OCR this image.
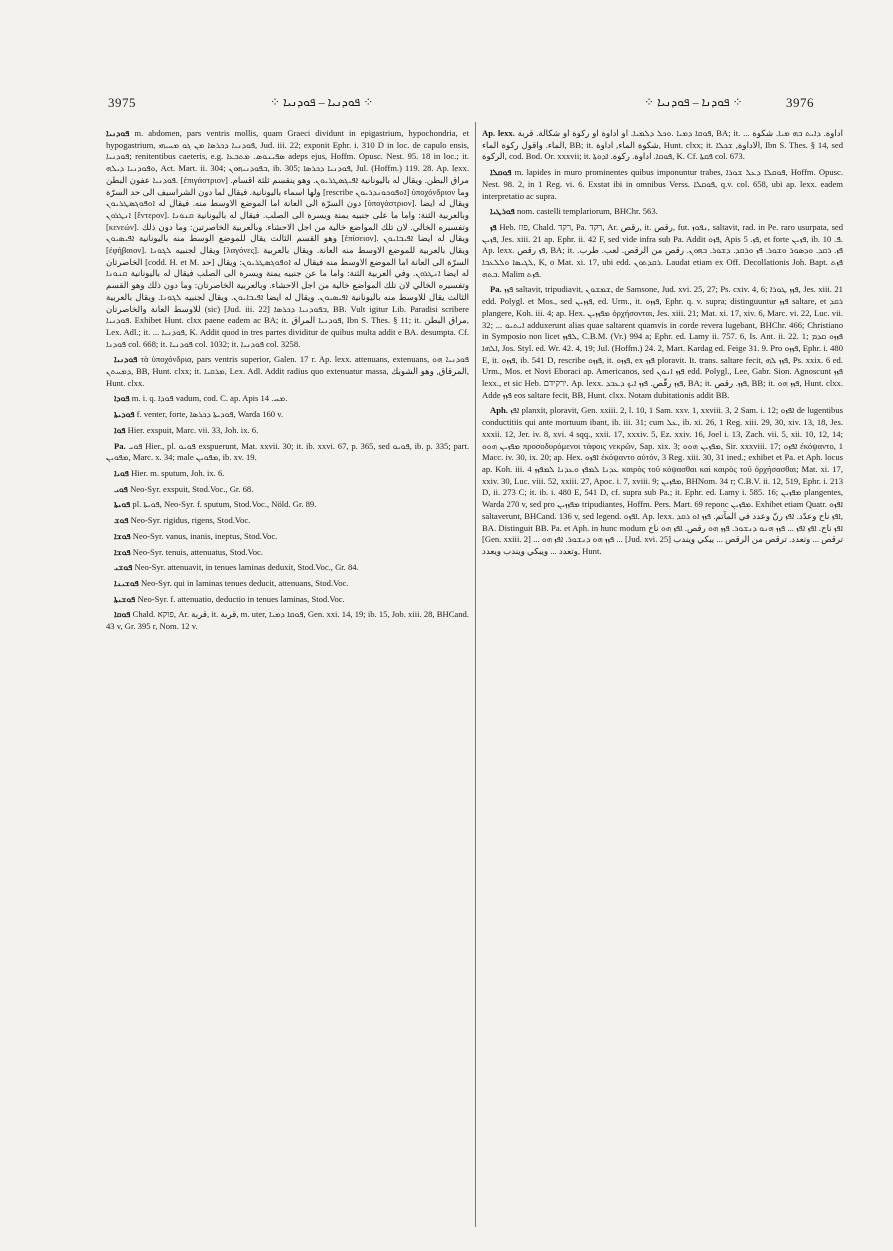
3975	⁘ ܦܘܕܢܝܐ – ܦܘܕܢܝܐ ⁘	⁘ ܦܘܕܢܐ – ܦܘܕܢܝܐ ⁘	3976

ܦܘܕܢܝܐ m. abdomen, pars ventris mollis, quam Graeci dividunt in epigastrium, hypochondria, et hypogastrium, ܦܘܕܢܝܐ ܕܟܪܣܐ ܡܢ ܓܘ ܡܚܝܗܝ, Jud. iii. 22; exponit Ephr. i. 310 D in loc. de capulo ensis, ܦܘܕܢܝܐ; renitentibus caeteris, e.g. ܣܦܝܢܘܣ. ܡܬܒܥܐ adeps ejus, Hoffm. Opusc. Nest. 95. 18 in loc.; it. ܘܦܘܕܢܝܐ ܕܝܠܗ, Act. Mart. ii. 304; ܒܦܘܕܢܝܗܘܢ, ib. 305; ܦܘܕܢܝܐ ܕܟܪܣܐ, Jul. (Hoffm.) 119. 28. Ap. lexx. ܦܘܕܢܝܐ عفون البطن. [ἐπιγάστριον] مراق البطن. ويقال له باليونانية ܐܦܝܓܣܛܪܝܘܢ. وهو ينقسم ثلثة اقسام. ولها اسماء باليونانية. فيقال لما دون الشراسيف الى حد السرّة [rescribe ܐܘܦܘܟܘܢܕܪܝܘܢ] ὑποχόνδριον وما دون السرّة الى العانة اما الموضع الاوسط منه. فيقال له ܐܘܦܘܓܣܛܪܝܘܢ [ὑπογάστριον]. ويقال له ايضا ܐܢܛܪܘܢ [ἔντερον]. وبالعربية الثنة: واما ما على جنبيه يمنة ويسرة الى الصلب. فيقال له باليونانية ܩܢܘܢܐ [κενεών]. وتفسيره الخالي. لان تلك المواضع خالية من اجل الاحشاء. وبالعربية الخاصرتين: وما دون ذلك وهو القسم الثالث يقال للموضع الوسط منه باليونانية ܐܦܝܣܝܘܢ [ἐπίσειον]. ويقال له ايضا ܐܦܝܒܐܝܘܢ [ἐφήβαιον]. ويقال لجنبيه ܠܓܘܢܐ [λαγόνες]. ويقال بالعربية للموضع الاوسط منه العانة. ويقال بالعربية الخاصرتان [codd. H. et M. حد] السرّة الى العانة اما الموضع الاوسط منه فيقال له ܐܘܦܘܓܣܛܪܝܘܢ: ويقال له ايضا ܐܢܛܪܘܢ. وفي العربية الثنة: واما ما عن جنبيه يمنة ويسرة الى الصلب فيقال له باليونانية ܩܢܘܢܐ وتفسيره الخالي لان تلك المواضع خالية من اجل الاحشاء. وبالعربية الخاصرتان: وما دون ذلك وهو القسم الثالث يقال للاوسط منه باليونانية ܐܦܝܣܝܘܢ. ويقال له ايضا ܐܦܝܒܐܝܘܢ. ويقال لجنبيه ܠܓܘܢܐ. ويقال بالعربية للاوسط العانة والخاصرتان (sic) [Jud. iii. 22] ܒܦܘܕܢܝܐ ܕܟܪܣܐ, BB. Vult igitur Lib. Paradisi scribere ܦܘܕܢܝܐ. Exhibet Hunt. clxx paene eadem ac BA; it. ܦܘܕܢܝܐ المراق, Ibn S. Thes. § 11; it. مراق البطن, Lex. Adl.; it. ... ܦܘܕܢܝܐ, K. Addit quod in tres partes dividitur de quibus multa addit e BA. desumpta. Cf. ܦܘܕܢܐ col. 668; it. ܦܘܕܢܝܐ col. 1032; it. ܦܘܕܢܝܐ col. 3258.

ܦܘܕܢܝܐ τὰ ὑποχόνδρια, pars ventris superior, Galen. 17 r. Ap. lexx. attenuans, extenuans, ܦܘܕܢܝܐ ܗܘ ܕܡܚܬܢ, BB, Hunt. clxx; it. ܡܪܩܝܐ, Lex. Adl. Addit radius quo extenuatur massa, المرقاق, وهو الشوبك, Hunt. clxx.

ܦܘܕܐ m. i. q. ܦܘܕܐ vadum, cod. C. ap. Apis ܡܚ. 14.

ܦܘܕܝܬܐ f. venter, forte, ܦܘܕܝܬܐ ܕܟܪܣܐ, Warda 160 v.

ܦܘܐ Hier. exspuit, Marc. vii. 33, Joh. ix. 6.

Pa. ܦܘܝ Hier., pl. ܦܘܝܘ exspuerunt, Mat. xxvii. 30; it. ib. xxvi. 67, p. 365, sed ܦܘܝܘ, ib. p. 335; part. ܡܦܘܝܢ, Marc. x. 34; male ܡܦܘܝܢ, ib. xv. 19.

ܦܘܝܐ Hier. m. sputum, Joh. ix. 6.

ܦܘܝ Neo-Syr. exspuit, Stod.Voc., Gr. 68.

ܦܘܝܬܐ pl. ܦܘܝܬܐ, Neo-Syr. f. sputum, Stod.Voc., Nöld. Gr. 89.

ܦܘܫ Neo-Syr. rigidus, rigens, Stod.Voc.

ܦܘܫܐ Neo-Syr. vanus, inanis, ineptus, Stod.Voc.

ܦܘܫܐ Neo-Syr. tenuis, attenuatus, Stod.Voc.

ܦܘܫܝ Neo-Syr. attenuavit, in tenues laminas deduxit, Stod.Voc., Gr. 84.

ܦܘܫܝܢܐ Neo-Syr. qui in laminas tenues deducit, attenuans, Stod.Voc.

ܦܘܫܝܬܐ Neo-Syr. f. attenuatio, deductio in tenues laminas, Stod.Voc.

ܦܘܩܐ Chald. פוקא, Ar. قربة, it. قربة, m. uter, ܦܘܩܐ ܕܡܝܐ, Gen. xxi. 14, 19; ib. 15, Job. xiii. 28, BHCand. 43 v, Gr. 395 r, Nom. 12 v.

Ap. lexx. ܦܘܩܐ ܕܡܝܐ .ܘܟܠ ܕܠܡܝܐ. او اداوة او ركوة او شكالة. قربة, BA; it. ... اداوة. ܕܐܝܬ ܒܗ ܡܝܐ. شكوة الماء. واقول ركوة الماء, BB; it. شكوة الماء, اداوة, Hunt. clxx; it. الاداوة, ܫܟܠܐ, Ibn S. Thes. § 14, sed الركوة, cod. Bod. Or. xxxvii; it. ܦܘܩܐ. اداوة. ركوة. ܐܕܘܬܐ, K. Cf. ܦܩܬܐ col. 673.

ܦܘܩܠܐ m. lapides in muro prominentes quibus imponuntur trabes, ܦܘܩܠܐ ܕܥܠ ܫܘܪܐ, Hoffm. Opusc. Nest. 98. 2, in 1 Reg. vi. 6. Exstat ibi in omnibus Verss. ܦܘܩܠܐ, q.v. col. 658, ubi ap. lexx. eadem interpretatio ac supra.

ܦܘܪܛܝܐ nom. castelli templariorum, BHChr. 563.

ܦܙ Heb. פזז, Chald. רקד, Pa. רקד, Ar. رقص, it. رقص, fut. ܢܦܘܙ, saltavit, rad. in Pe. raro usurpata, sed ܦܙܝܢ, Jes. xiii. 21 ap. Ephr. ii. 42 F, sed vide infra sub Pa. Addit ܦܙܘ, Apis ܦܙ. 5, et forte ܦܙܝܢ, ib. ܦ. 10. Ap. lexx. ܦܙ رقص, BA; it. ܦܙ. ܪܩܕ. ܘܕܣܘܪ ܘܫܘܪ. ܦܙ ܘܪܩܕ. ܕܫܘܪ. ܒܗܘܢ. رقص من الرقص. لعب. طرب. ܠܓܝܣܐ ܘܠܠܥܒܐ, K, o Mat. xi. 17, ubi edd. ܪܩܕܬܘܢ. Laudat etiam ex Off. Decollationis Joh. Bapt. ܦܙܬ ܒܬܗ. Malim ܦܙܬ.

Pa. ܦܙܙ saltavit, tripudiavit, ܫܡܫܘܢ, de Samsone, Jud. xvi. 25, 27; Ps. cxiv. 4, 6; ܦܙܙ ܛܘܪܐ, Jes. xiii. 21 edd. Polygl. et Mos., sed ܦܙܙܝܢ, ed. Urm., it. ܦܙܙܘ, Ephr. q. v. supra; distinguuntur ܦܙܙ saltare, et ܪܩܕ plangere, Koh. iii. 4; ap. Hex. ܡܦܙܙܝܢ ὀρχήσονται, Jes. xiii. 21; Mat. xi. 17, xiv. 6, Marc. vi. 22, Luc. vii. 32; ... ܐܝܬܝܘ adduxerunt alias quae saltarent quamvis in corde revera lugebant, BHChr. 466; Christiano in Symposio non licet ܠܦܙܙ, C.B.M. (Vr.) 994 a; Ephr. ed. Lamy ii. 757. 6, Is. Ant. ii. 22. 1; ܦܙܙܘ ܩܕܡ ܐܠܗܐ, Jos. Styl. ed. Wr. 42. 4, 19; Jul. (Hoffm.) 24. 2, Mart. Kardag ed. Feige 31. 9. Pro ܦܙܙܘ, Ephr. i. 480 E, it. ܦܙܙܘ, ib. 541 D, rescribe ܦܙܙܘ, it. ܦܙܙܘ, ex ܦܙܙ ploravit. It. trans. saltare fecit, ܦܙܙ ܠܗ, Ps. xxix. 6 ed. Urm., Mos. et Novi Eboraci ap. Americanos, sed ܦܙܙ ܐܢܘܢ edd. Polygl., Lee, Gabr. Sion. Agnoscunt ܦܙܙ lexx., et sic Heb. ירקידם. Ap. lexx. ܦܙܙ رقّص. ܦܙܙ ܐܝܟ ܕܥܒܕ, BA; it. ܦܙܙ. رقص, BB; it. ܦܙܙ ܗܘ, Hunt. clxx. Adde ܦܙܙ eos saltare fecit, BB, Hunt. clxx. Notam dubitationis addit BB.

Aph. ܐܦܙ planxit, ploravit, Gen. xxiii. 2, l. 10, 1 Sam. xxv. 1, xxviii. 3, 2 Sam. i. 12; ܐܦܙܘ de lugentibus conductitiis qui ante mortuum ibant, ib. iii. 31; cum ܥܠ, ib. xi. 26, 1 Reg. xiii. 29, 30, xiv. 13, 18, Jes. xxxii. 12, Jer. iv. 8, xvi. 4 sqq., xxii. 17, xxxiv. 5, Ez. xxiv. 16, Joel i. 13, Zach. vii. 5, xii. 10, 12, 14; ܡܦܙܝܢ ܗܘܘ προσοδυρόμενοι τάφοις νεκρῶν, Sap. xix. 3; ܡܦܙܝܢ ܗܘܘ, Sir. xxxviii. 17; ܐܦܙܘ ἐκόψαντο, 1 Macc. iv. 30, ix. 20; ap. Hex. ܐܦܙܘ ἐκόψαντο αὐτόν, 3 Reg. xiii. 30, 31 ined.; exhibet et Pa. et Aph. locus ap. Koh. iii. 4 ܥܕܢܐ ܠܡܦܙ ܘܥܕܢܐ ܠܡܦܙܙ καιρὸς τοῦ κόψασθαι καὶ καιρὸς τοῦ ὀρχήσασθαι; Mat. xi. 17, xxiv. 30, Luc. viii. 52, xxiii. 27, Apoc. i. 7, xviii. 9; ܡܦܙܝܢ, BHNom. 34 r; C.B.V. ii. 12, 519, Ephr. i. 213 D, ii. 273 C; it. ib. i. 480 E, 541 D, cf. supra sub Pa.; it. Ephr. ed. Lamy i. 585. 16; ܡܦܙܝܢ plangentes, Warda 270 v, sed pro ܡܦܙܙܝܢ tripudiantes, Hoffm. Pers. Mart. 69 reponc ܡܦܙܝܢ. Exhibet etiam Quatr. ܐܦܙܘ saltaverunt, BHCand. 136 v, sed legend. ܐܦܙܘ. Ap. lexx. ܐܦܙ ناح وعدّد. ܐܦܙ رنّ وعدد في المآتم. ܦܙܙ ܐܘ ܪܩܕ, BA. Distinguit BB. Pa. et Aph. in hunc modum ܐܦܙ ناح. ܐܦܙ ܐܦܙ ... ܦܙܙ ܗܢܘ ܕܢܫܘܪ. ܦܙܙ ܗܘ رقص. ܐܦܙ ܗܘ ناح [Gen. xxiii. 2] ... ܦܙܙ ܗܘ ܕܢܫܘܪ. ܐܦܙ ܗܘ ... [Jud. xvi. 25] ترقص ... وتعدد. ترقص من الرقص ... يبكي ويندب وتعدد ... ويبكي ويندب ويعدد, Hunt.
